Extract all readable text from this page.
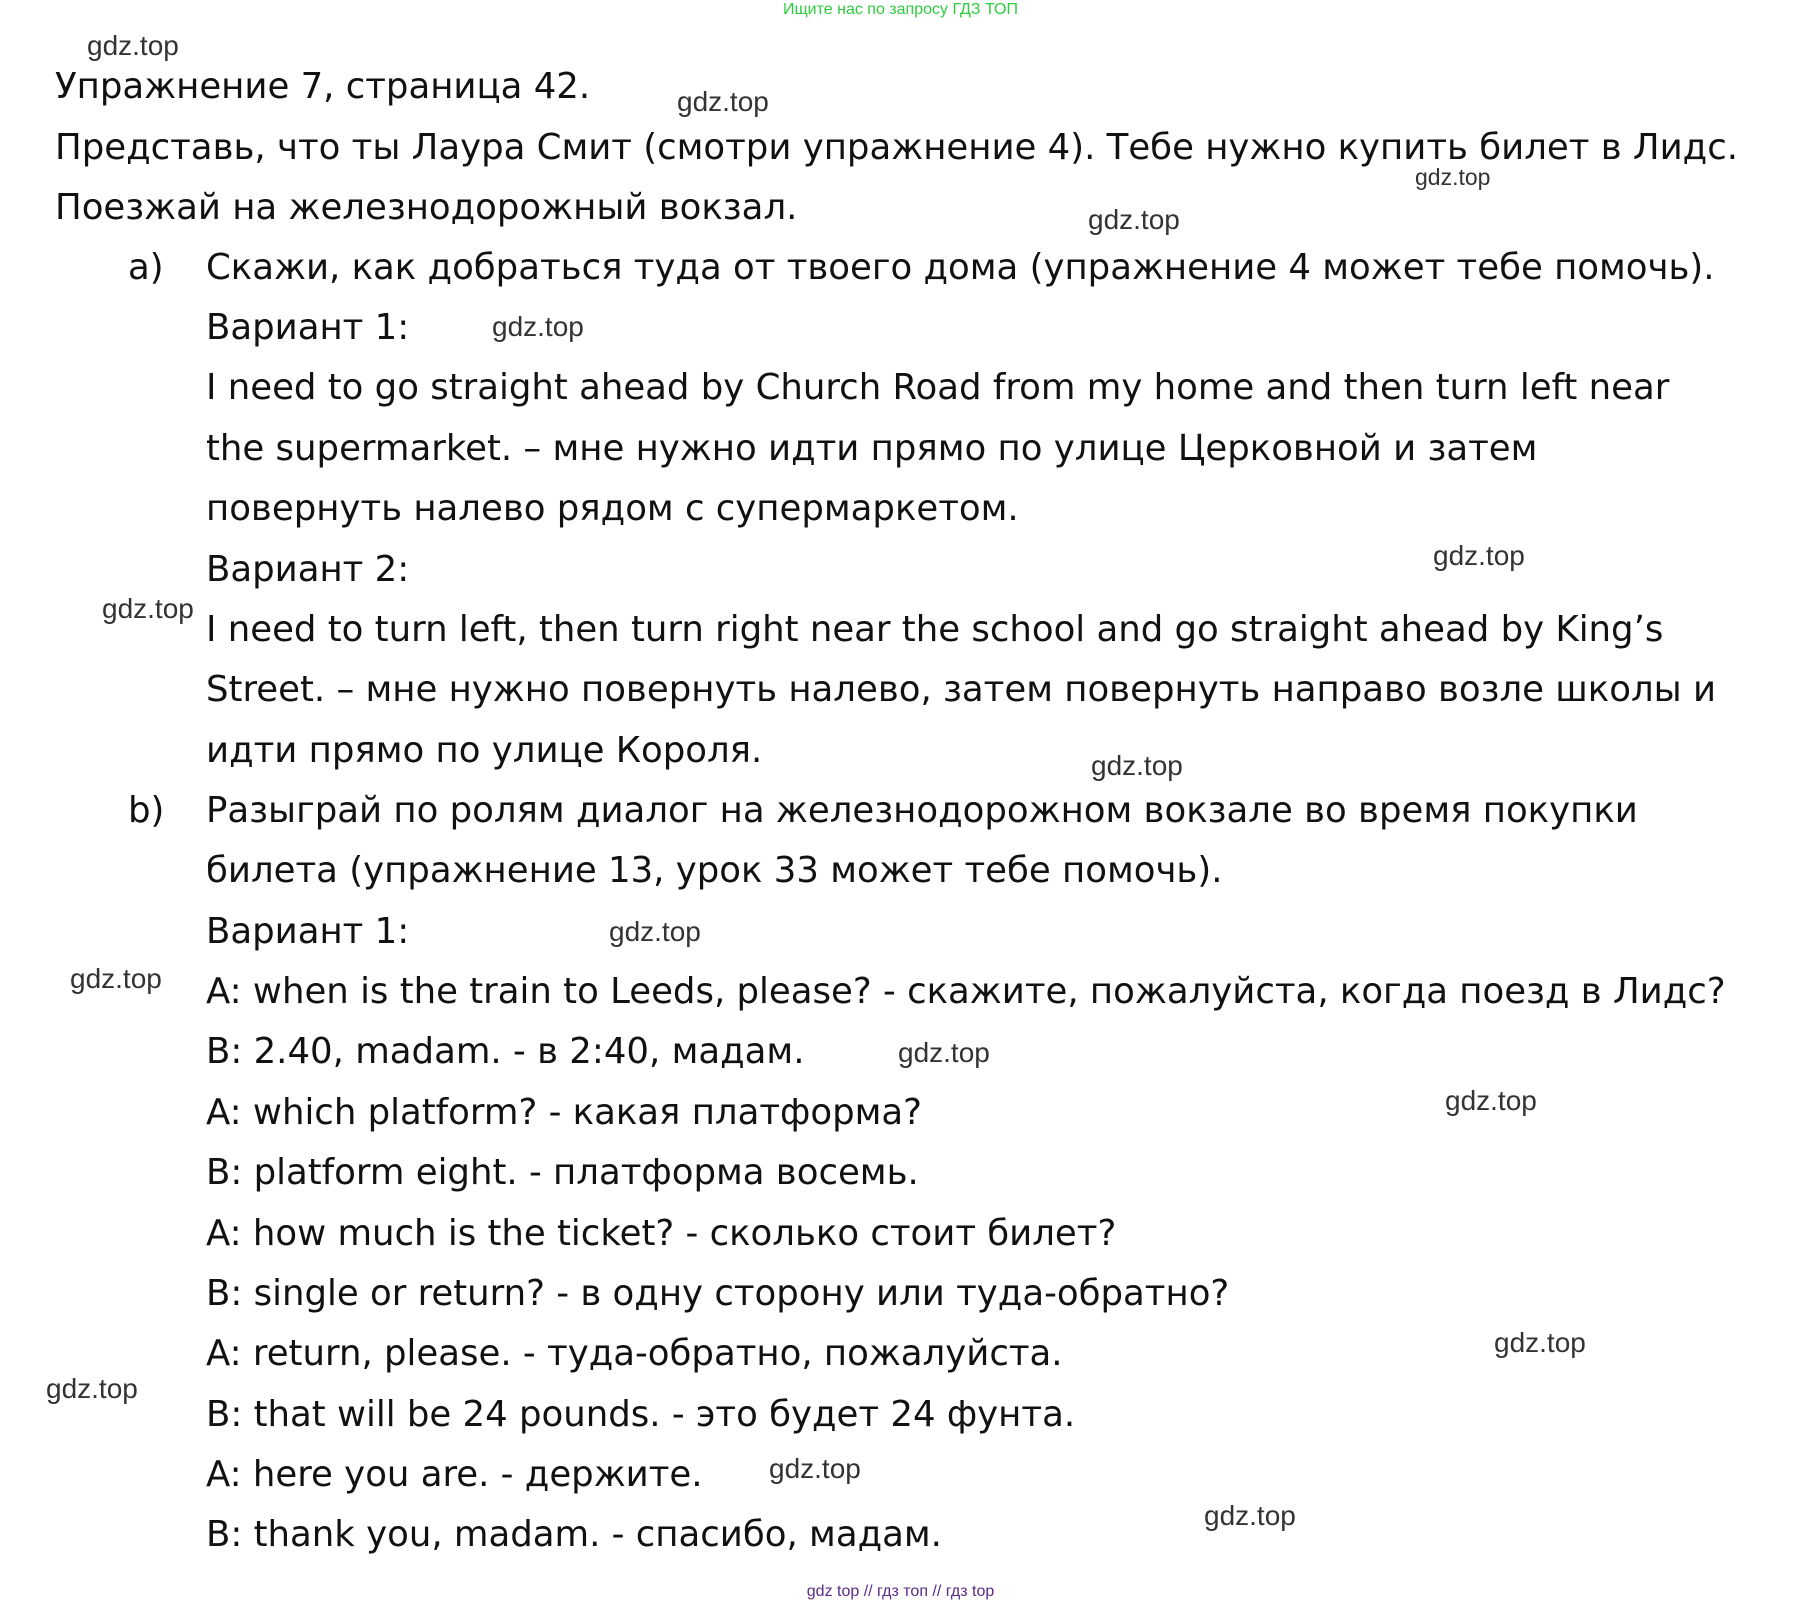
Ищите нас по запросу ГДЗ ТОП
gdz.top
gdz.top
gdz.top
gdz.top
gdz.top
gdz.top
gdz.top
gdz.top
gdz.top
gdz.top
gdz.top
gdz.top
gdz.top
gdz.top
gdz.top
gdz.top
Упражнение 7, страница 42.
Представь, что ты Лаура Смит (смотри упражнение 4). Тебе нужно купить билет в Лидс.
Поезжай на железнодорожный вокзал.
a) Скажи, как добраться туда от твоего дома (упражнение 4 может тебе помочь).
Вариант 1:
I need to go straight ahead by Church Road from my home and then turn left near
the supermarket. – мне нужно идти прямо по улице Церковной и затем
повернуть налево рядом с супермаркетом.
Вариант 2:
I need to turn left, then turn right near the school and go straight ahead by King’s
Street. – мне нужно повернуть налево, затем повернуть направо возле школы и
идти прямо по улице Короля.
b) Разыграй по ролям диалог на железнодорожном вокзале во время покупки
билета (упражнение 13, урок 33 может тебе помочь).
Вариант 1:
A: when is the train to Leeds, please? - скажите, пожалуйста, когда поезд в Лидс?
B: 2.40, madam. - в 2:40, мадам.
A: which platform? - какая платформа?
B: platform eight. - платформа восемь.
A: how much is the ticket? - сколько стоит билет?
B: single or return? - в одну сторону или туда-обратно?
A: return, please. - туда-обратно, пожалуйста.
B: that will be 24 pounds. - это будет 24 фунта.
A: here you are. - держите.
B: thank you, madam. - спасибо, мадам.
gdz top // гдз топ // гдз top
